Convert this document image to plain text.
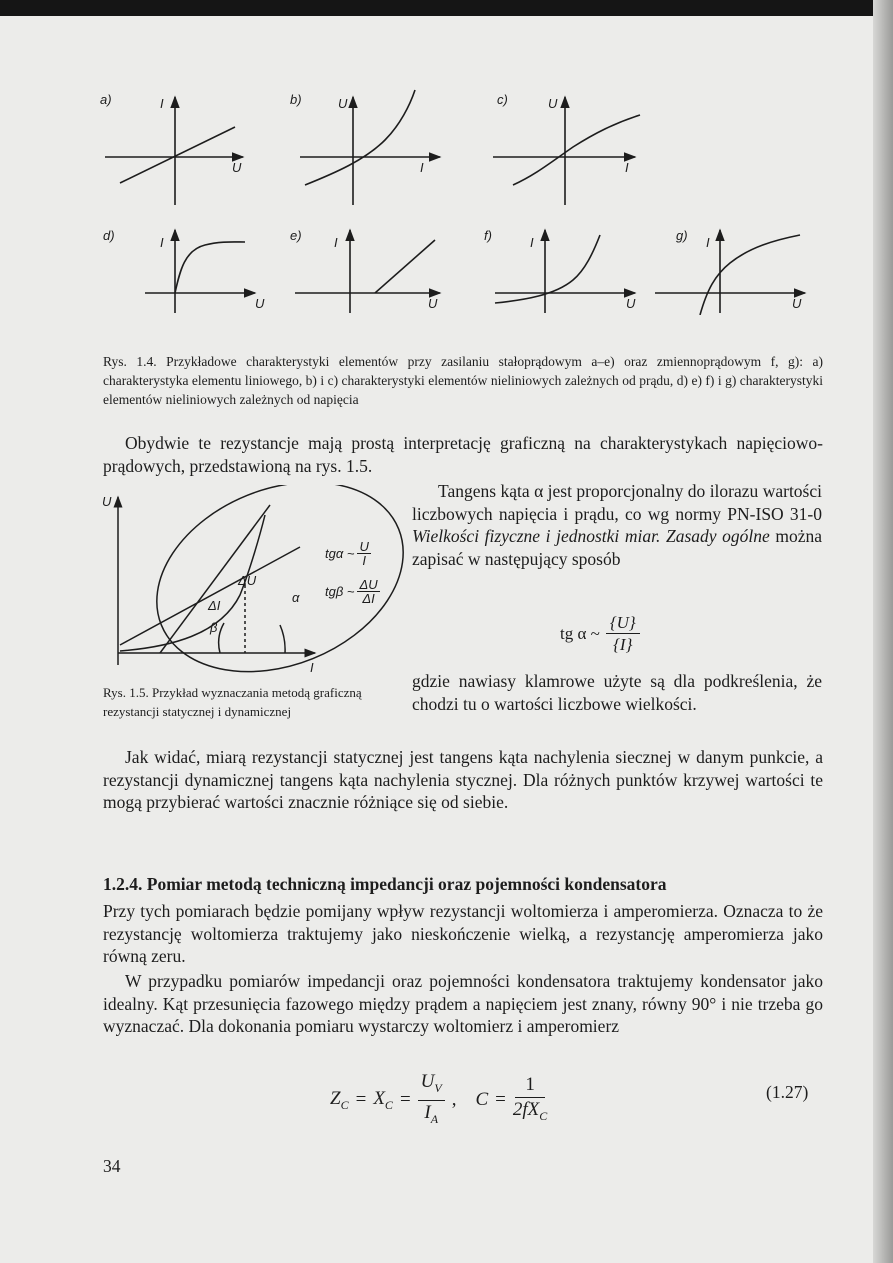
a)	I
U
b)	U
I
c)	U
I
d)	I
U
e) I
U
f)	I
U
g) I
U
Rys. 1.4. Przykładowe charakterystyki elementów przy zasilaniu stałoprądowym a–e) oraz zmiennoprądowym f, g): a) charakterystyka elementu liniowego, b) i c) charakterystyki elementów nieliniowych zależnych od prądu, d) e) f) i g) charakterystyki elementów nieliniowych zależnych od napięcia
Obydwie te rezystancje mają prostą interpretację graficzną na charakterystykach napięciowo-prądowych, przedstawioną na rys. 1.5.
U
I
ΔU
ΔI
α
β
tgα ~ $\frac{U}{I}$
tgβ ~ $\frac{\Delta U}{\Delta I}$
Rys. 1.5. Przykład wyznaczania metodą graficzną rezystancji statycznej i dynamicznej
Tangens kąta α jest proporcjonalny do ilorazu wartości liczbowych napięcia i prądu, co wg normy PN-ISO 31-0 Wielkości fizyczne i jednostki miar. Zasady ogólne można zapisać w następujący sposób
tg α ~ $\frac{\{U\}}{\{I\}}$
gdzie nawiasy klamrowe użyte są dla podkreślenia, że chodzi tu o wartości liczbowe wielkości.
Jak widać, miarą rezystancji statycznej jest tangens kąta nachylenia siecznej w danym punkcie, a rezystancji dynamicznej tangens kąta nachylenia stycznej. Dla różnych punktów krzywej wartości te mogą przybierać wartości znacznie różniące się od siebie.
1.2.4. Pomiar metodą techniczną impedancji oraz pojemności kondensatora
Przy tych pomiarach będzie pomijany wpływ rezystancji woltomierza i amperomierza. Oznacza to że rezystancję woltomierza traktujemy jako nieskończenie wielką, a rezystancję amperomierza jako równą zeru.
W przypadku pomiarów impedancji oraz pojemności kondensatora traktujemy kondensator jako idealny. Kąt przesunięcia fazowego między prądem a napięciem jest znany, równy 90° i nie trzeba go wyznaczać. Dla dokonania pomiaru wystarczy woltomierz i amperomierz
$Z_C = X_C = \frac{U_V}{I_A}$ , C =
1
$2fX_C$
(1.27)
34
